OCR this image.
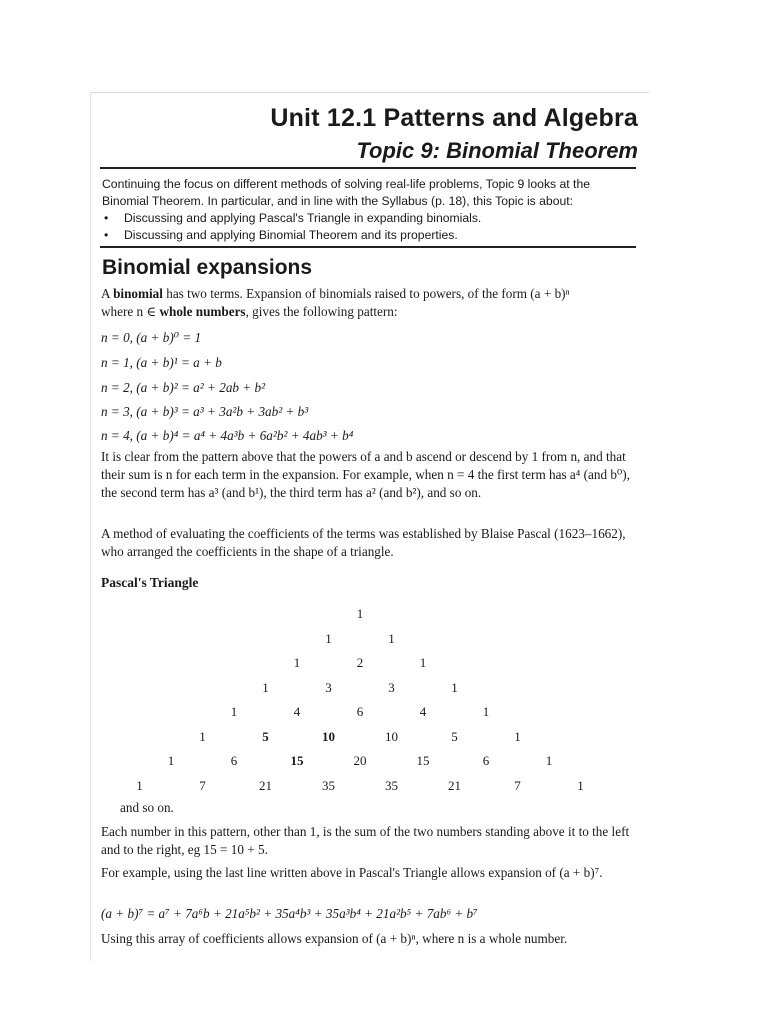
Unit 12.1 Patterns and Algebra
Topic 9: Binomial Theorem
Continuing the focus on different methods of solving real-life problems, Topic 9 looks at the Binomial Theorem. In particular, and in line with the Syllabus (p. 18), this Topic is about:
• Discussing and applying Pascal's Triangle in expanding binomials.
• Discussing and applying Binomial Theorem and its properties.
Binomial expansions
A binomial has two terms. Expansion of binomials raised to powers, of the form (a + b)ⁿ
where n ∈ whole numbers, gives the following pattern:
n = 0, (a + b)⁰ = 1
n = 1, (a + b)¹ = a + b
n = 2, (a + b)² = a² + 2ab + b²
n = 3, (a + b)³ = a³ + 3a²b + 3ab² + b³
n = 4, (a + b)⁴ = a⁴ + 4a³b + 6a²b² + 4ab³ + b⁴
It is clear from the pattern above that the powers of a and b ascend or descend by 1 from n, and that their sum is n for each term in the expansion. For example, when n = 4 the first term has a⁴ (and b⁰), the second term has a³ (and b¹), the third term has a² (and b²), and so on.
A method of evaluating the coefficients of the terms was established by Blaise Pascal (1623–1662), who arranged the coefficients in the shape of a triangle.
Pascal's Triangle
1
1	1
1	2	1
1	3	3	1
1	4	6	4	1
1	5	10	10	5	1
1	6	15	20	15	6	1
1	7	21	35	35	21	7	1
and so on.
Each number in this pattern, other than 1, is the sum of the two numbers standing above it to the left and to the right, eg 15 = 10 + 5.
For example, using the last line written above in Pascal's Triangle allows expansion of (a + b)⁷.
(a + b)⁷ = a⁷ + 7a⁶b + 21a⁵b² + 35a⁴b³ + 35a³b⁴ + 21a²b⁵ + 7ab⁶ + b⁷
Using this array of coefficients allows expansion of (a + b)ⁿ, where n is a whole number.
